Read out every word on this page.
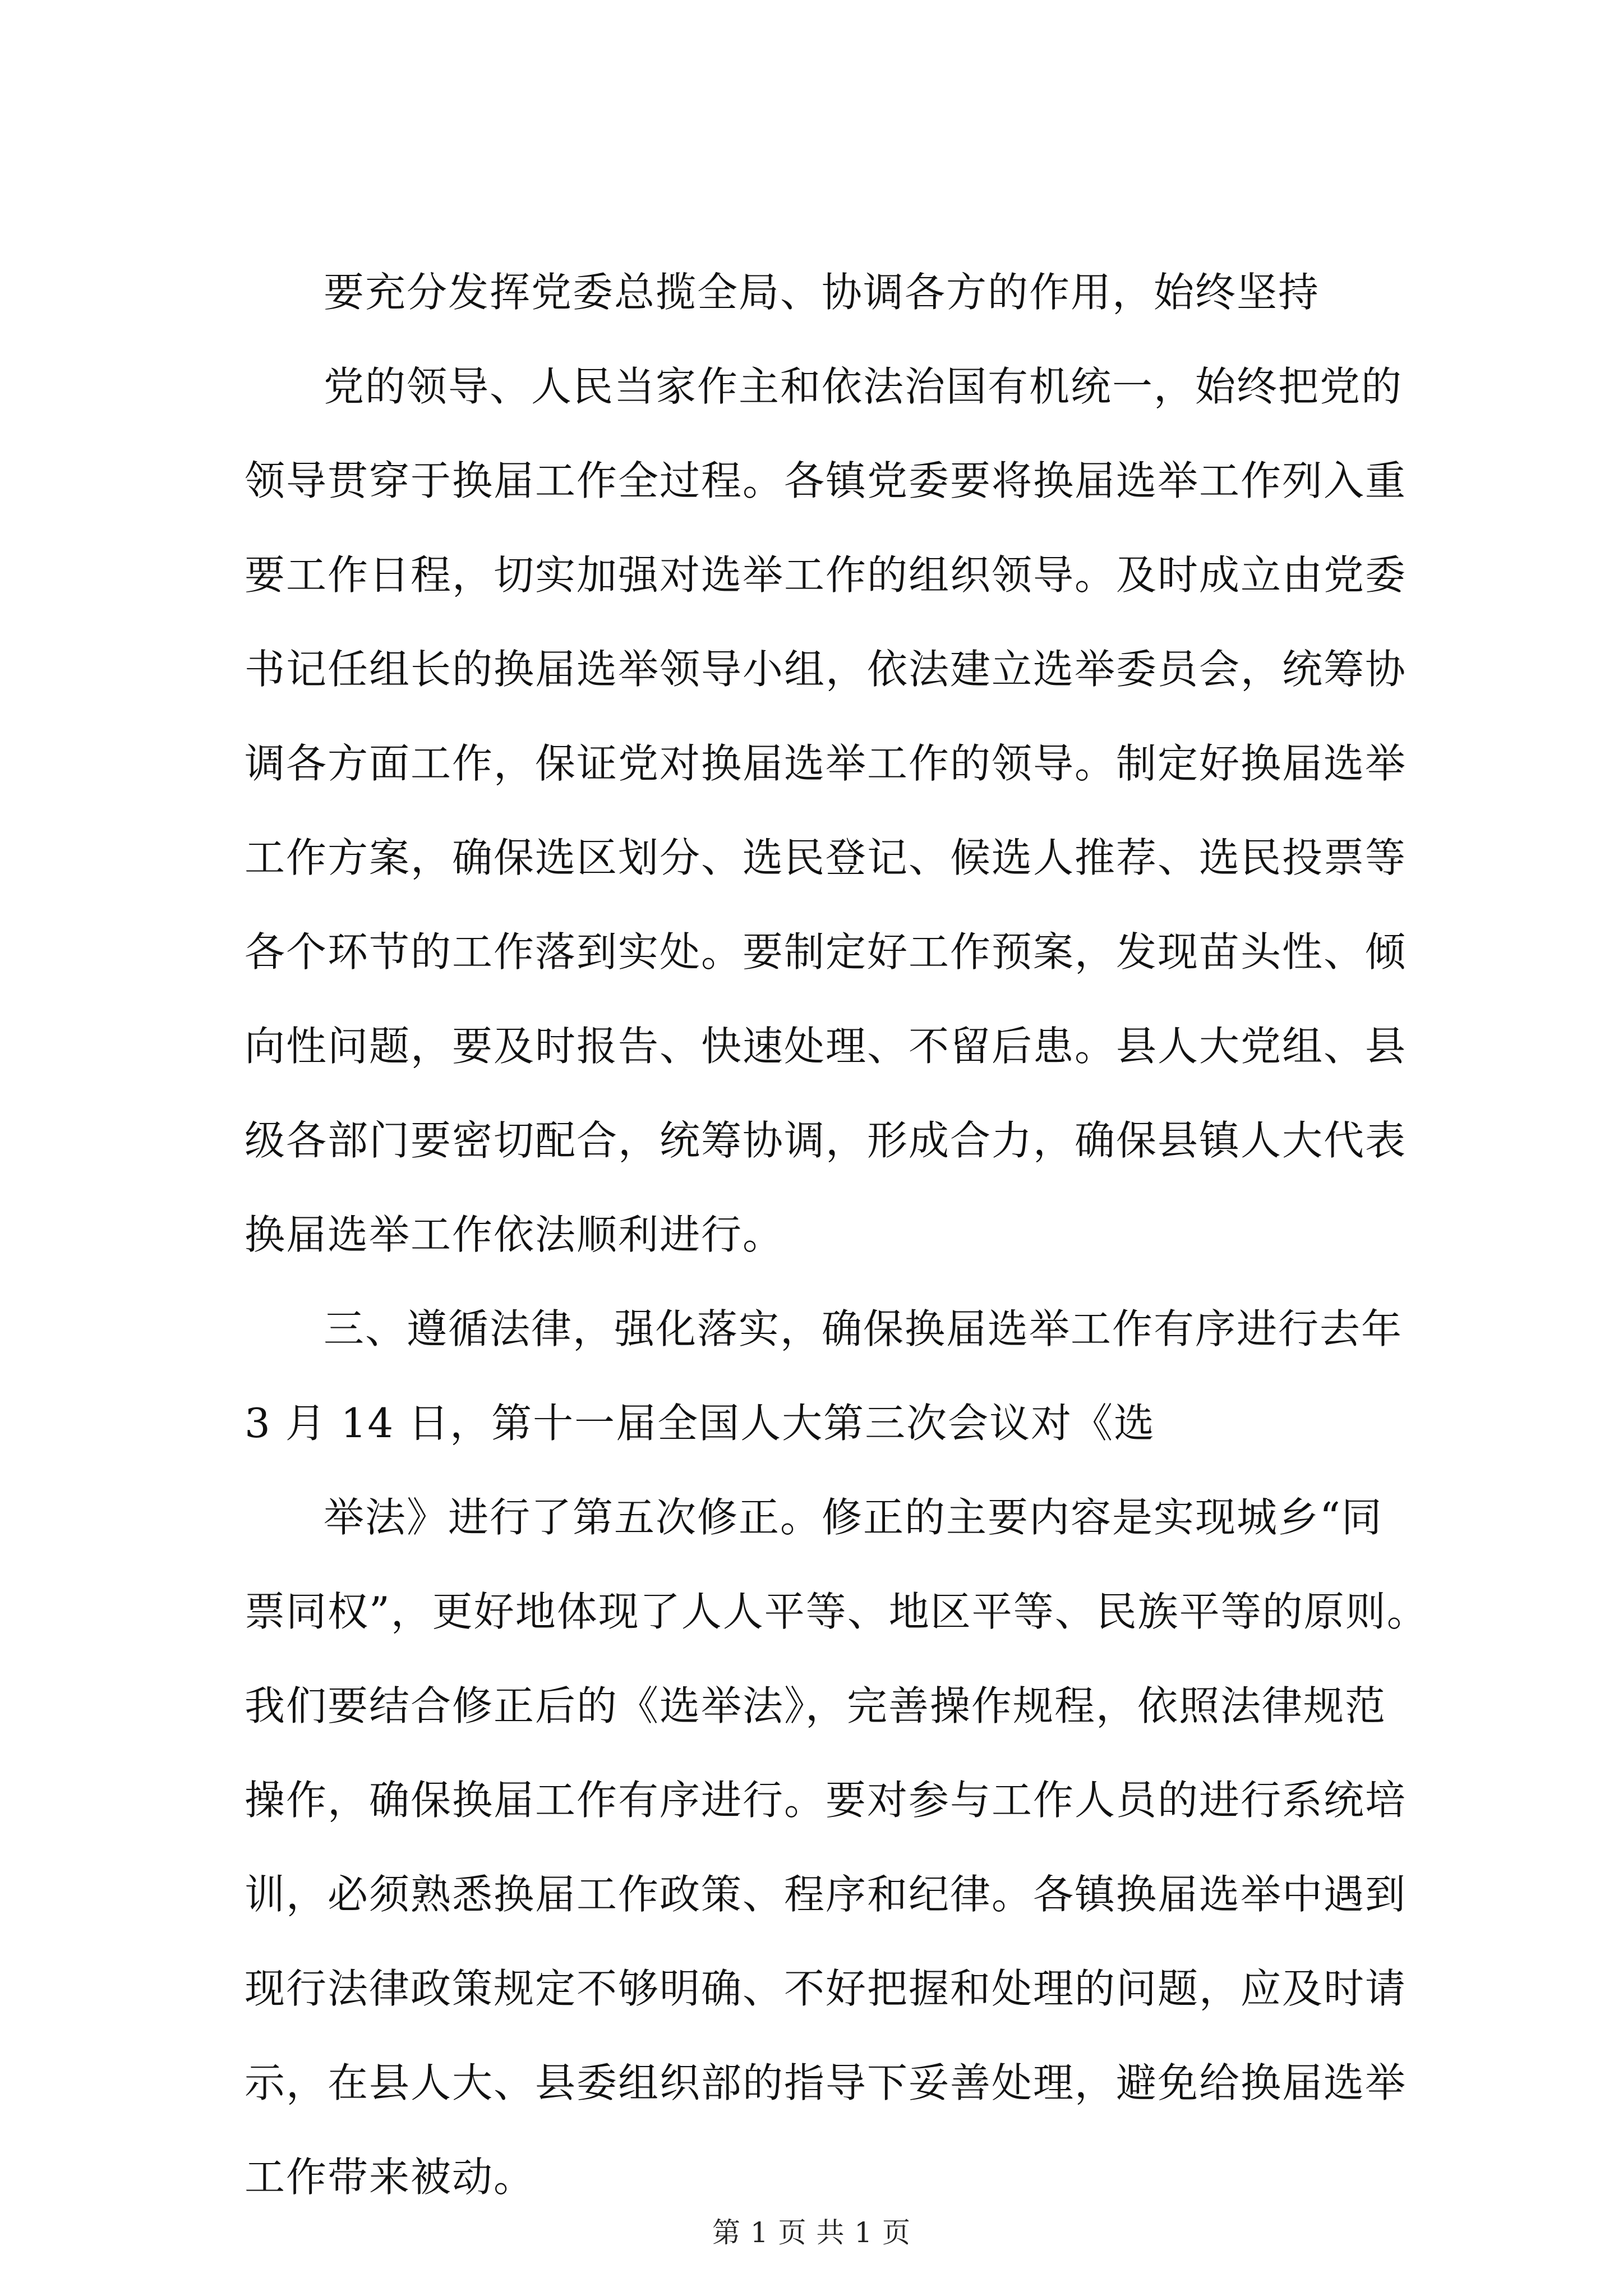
要充分发挥党委总揽全局、协调各方的作用，始终坚持
党的领导、人民当家作主和依法治国有机统一，始终把党的
领导贯穿于换届工作全过程。各镇党委要将换届选举工作列入重
要工作日程，切实加强对选举工作的组织领导。及时成立由党委
书记任组长的换届选举领导小组，依法建立选举委员会，统筹协
调各方面工作，保证党对换届选举工作的领导。制定好换届选举
工作方案，确保选区划分、选民登记、候选人推荐、选民投票等
各个环节的工作落到实处。要制定好工作预案，发现苗头性、倾
向性问题，要及时报告、快速处理、不留后患。县人大党组、县
级各部门要密切配合，统筹协调，形成合力，确保县镇人大代表
换届选举工作依法顺利进行。
三、遵循法律，强化落实，确保换届选举工作有序进行去年
3 月 14 日，第十一届全国人大第三次会议对《选
举法》进行了第五次修正。修正的主要内容是实现城乡“同
票同权”，更好地体现了人人平等、地区平等、民族平等的原则。
我们要结合修正后的《选举法》，完善操作规程，依照法律规范
操作，确保换届工作有序进行。要对参与工作人员的进行系统培
训，必须熟悉换届工作政策、程序和纪律。各镇换届选举中遇到
现行法律政策规定不够明确、不好把握和处理的问题，应及时请
示，在县人大、县委组织部的指导下妥善处理，避免给换届选举
工作带来被动。
第 1 页 共 1 页
